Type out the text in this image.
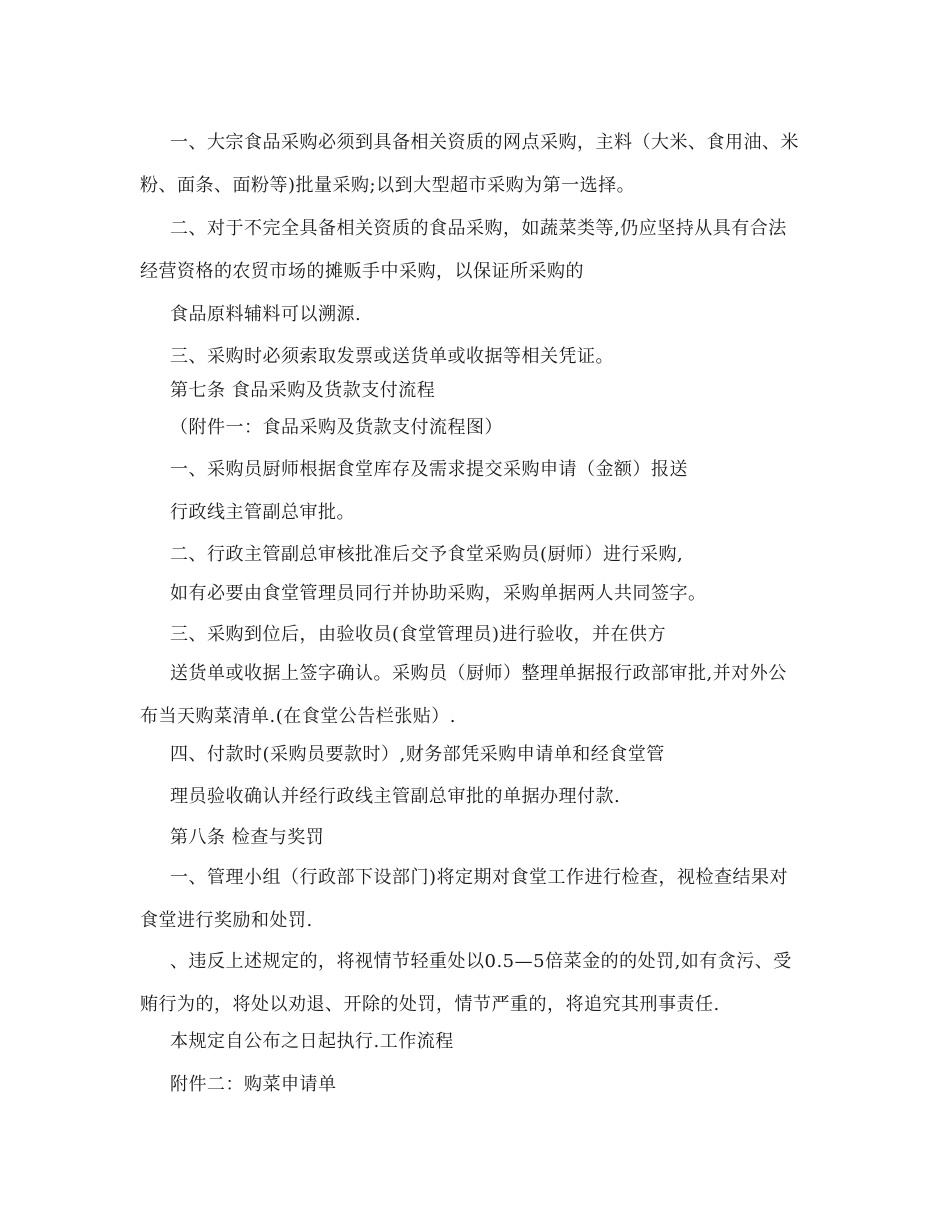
一、大宗食品采购必须到具备相关资质的网点采购，主料（大米、食用油、米
粉、面条、面粉等)批量采购;以到大型超市采购为第一选择。
二、对于不完全具备相关资质的食品采购，如蔬菜类等,仍应坚持从具有合法
经营资格的农贸市场的摊贩手中采购，以保证所采购的
食品原料辅料可以溯源.
三、采购时必须索取发票或送货单或收据等相关凭证。
第七条 食品采购及货款支付流程
（附件一：食品采购及货款支付流程图）
一、采购员厨师根据食堂库存及需求提交采购申请（金额）报送
行政线主管副总审批。
二、行政主管副总审核批准后交予食堂采购员(厨师）进行采购,
如有必要由食堂管理员同行并协助采购，采购单据两人共同签字。
三、采购到位后，由验收员(食堂管理员)进行验收，并在供方
送货单或收据上签字确认。采购员（厨师）整理单据报行政部审批,并对外公
布当天购菜清单.(在食堂公告栏张贴）.
四、付款时(采购员要款时）,财务部凭采购申请单和经食堂管
理员验收确认并经行政线主管副总审批的单据办理付款.
第八条 检查与奖罚
一、管理小组（行政部下设部门)将定期对食堂工作进行检查，视检查结果对
食堂进行奖励和处罚.
、违反上述规定的，将视情节轻重处以0.5—5倍菜金的的处罚,如有贪污、受
贿行为的，将处以劝退、开除的处罚，情节严重的，将追究其刑事责任.
本规定自公布之日起执行.工作流程
附件二：购菜申请单
